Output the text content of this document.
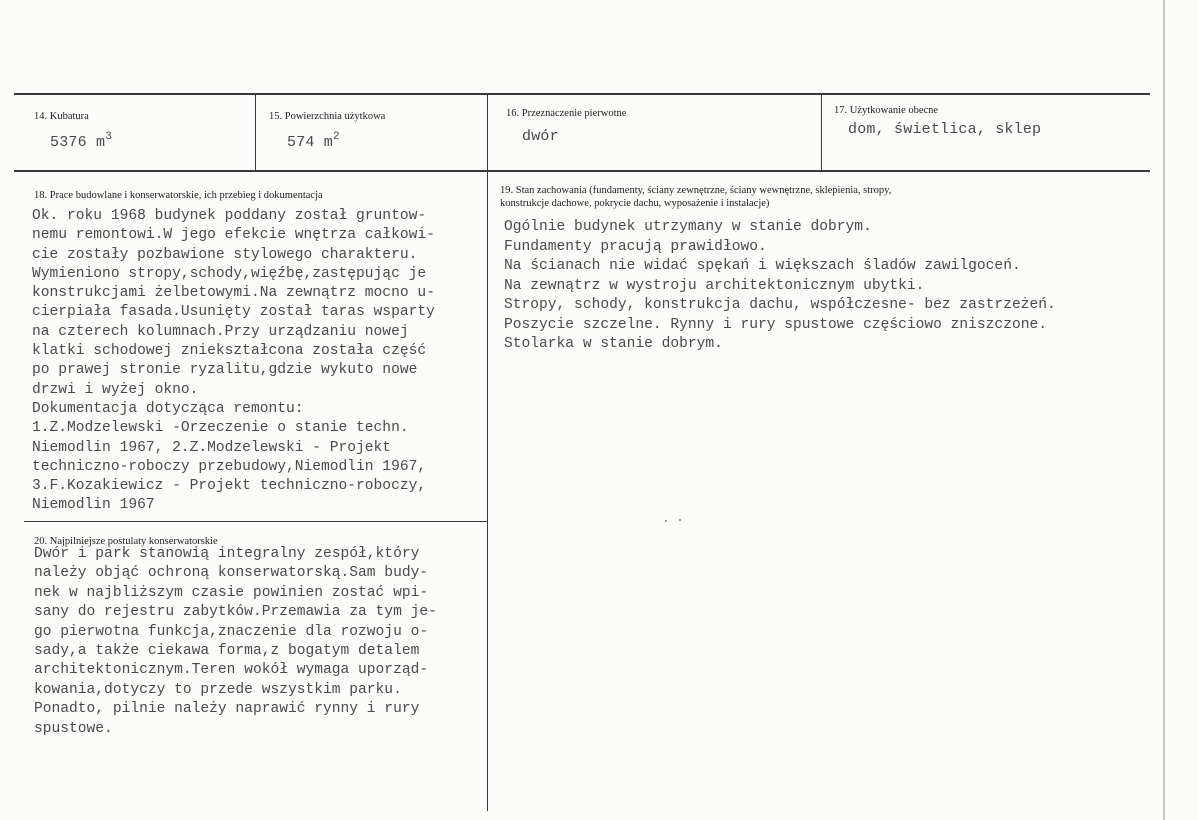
14. Kubatura
5376 $m^3$
15. Powierzchnia użytkowa
574 $m^2$
16. Przeznaczenie pierwotne
dwór
17. Użytkowanie obecne
dom, świetlica, sklep
18. Prace budowlane i konserwatorskie, ich przebieg i dokumentacja
Ok. roku 1968 budynek poddany został gruntow-
nemu remontowi.W jego efekcie wnętrza całkowi-
cie zostały pozbawione stylowego charakteru.
Wymieniono stropy,schody,więźbę,zastępując je
konstrukcjami żelbetowymi.Na zewnątrz mocno u-
cierpiała fasada.Usunięty został taras wsparty
na czterech kolumnach.Przy urządzaniu nowej
klatki schodowej zniekształcona została część
po prawej stronie ryzalitu,gdzie wykuto nowe
drzwi i wyżej okno.
Dokumentacja dotycząca remontu:
1.Z.Modzelewski -Orzeczenie o stanie techn.
Niemodlin 1967, 2.Z.Modzelewski - Projekt
techniczno-roboczy przebudowy,Niemodlin 1967,
3.F.Kozakiewicz - Projekt techniczno-roboczy,
Niemodlin 1967
19. Stan zachowania (fundamenty, ściany zewnętrzne, ściany wewnętrzne, sklepienia, stropy,
konstrukcje dachowe, pokrycie dachu, wyposażenie i instalacje)
Ogólnie budynek utrzymany w stanie dobrym.
Fundamenty pracują prawidłowo.
Na ścianach nie widać spękań i większach śladów zawilgoceń.
Na zewnątrz w wystroju architektonicznym ubytki.
Stropy, schody, konstrukcja dachu, współczesne- bez zastrzeżeń.
Poszycie szczelne. Rynny i rury spustowe częściowo zniszczone.
Stolarka w stanie dobrym.
20. Najpilniejsze postulaty konserwatorskie
Dwór i park stanowią integralny zespół,który
należy objąć ochroną konserwatorską.Sam budy-
nek w najbliższym czasie powinien zostać wpi-
sany do rejestru zabytków.Przemawia za tym je-
go pierwotna funkcja,znaczenie dla rozwoju o-
sady,a także ciekawa forma,z bogatym detalem
architektonicznym.Teren wokół wymaga uporząd-
kowania,dotyczy to przede wszystkim parku.
Ponadto, pilnie należy naprawić rynny i rury
spustowe.
